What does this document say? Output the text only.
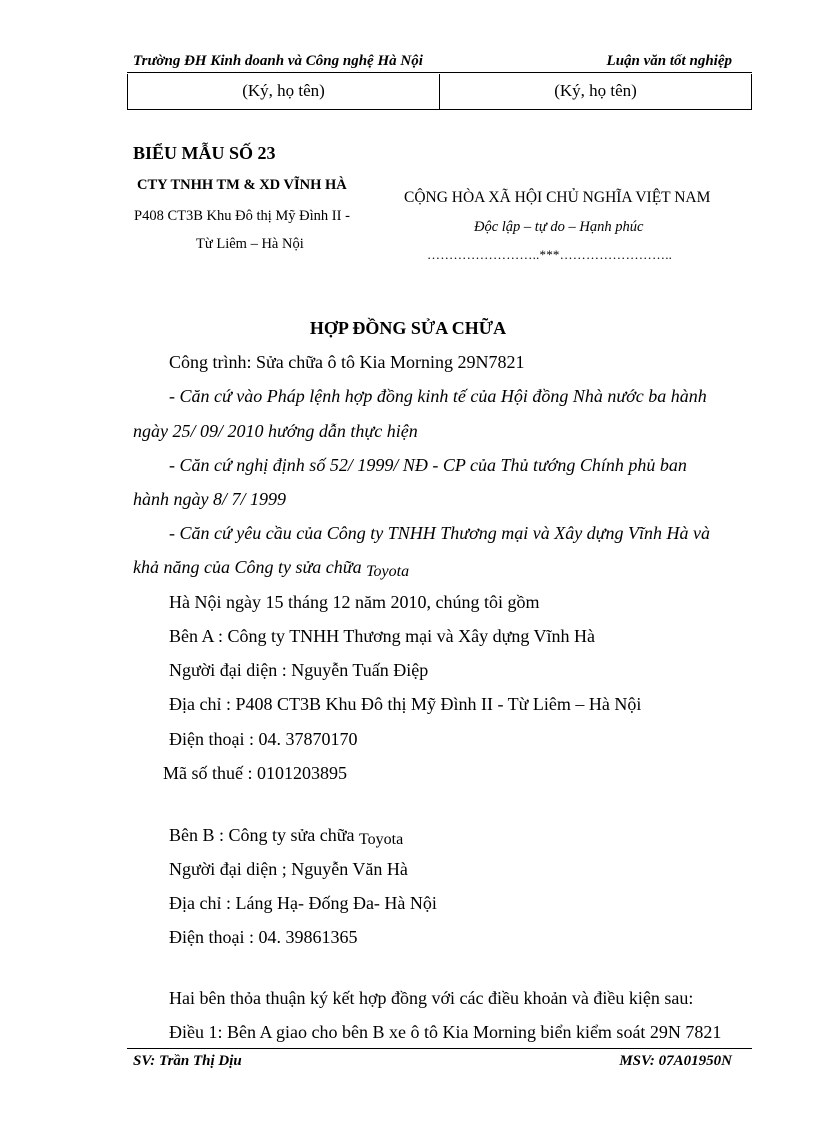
Trường ĐH Kinh doanh và Công nghệ Hà Nội	Luận văn tốt nghiệp
(Ký, họ tên)	(Ký, họ tên)
BIỂU MẪU SỐ 23
CTY TNHH TM & XD VĨNH HÀ
P408 CT3B Khu Đô thị Mỹ Đình II -
Từ Liêm – Hà Nội
CỘNG HÒA XÃ HỘI CHỦ NGHĨA VIỆT NAM
Độc lập – tự do – Hạnh phúc
……………………..***……………………..
HỢP ĐỒNG SỬA CHỮA
Công trình: Sửa chữa ô tô Kia Morning 29N7821
- Căn cứ vào Pháp lệnh hợp đồng kinh tế của Hội đồng Nhà nước ba hành
ngày 25/ 09/ 2010 hướng dẫn thực hiện
- Căn cứ nghị định số 52/ 1999/ NĐ - CP của Thủ tướng Chính phủ ban
hành ngày 8/ 7/ 1999
- Căn cứ yêu cầu của Công ty TNHH Thương mại và Xây dựng Vĩnh Hà và
khả năng của Công ty sửa chữa Toyota
Hà Nội ngày 15 tháng 12 năm 2010, chúng tôi gồm
Bên A : Công ty TNHH Thương mại và Xây dựng Vĩnh Hà
Người đại diện : Nguyễn Tuấn Điệp
Địa chỉ : P408 CT3B Khu Đô thị Mỹ Đình II - Từ Liêm – Hà Nội
Điện thoại : 04. 37870170
Mã số thuế : 0101203895
Bên B : Công ty sửa chữa Toyota
Người đại diện ; Nguyễn Văn Hà
Địa chỉ : Láng Hạ- Đống Đa- Hà Nội
Điện thoại : 04. 39861365
Hai bên thỏa thuận ký kết hợp đồng với các điều khoản và điều kiện sau:
Điều 1: Bên A giao cho bên B xe ô tô Kia Morning biển kiểm soát 29N 7821
SV: Trần Thị Dịu	MSV: 07A01950N
